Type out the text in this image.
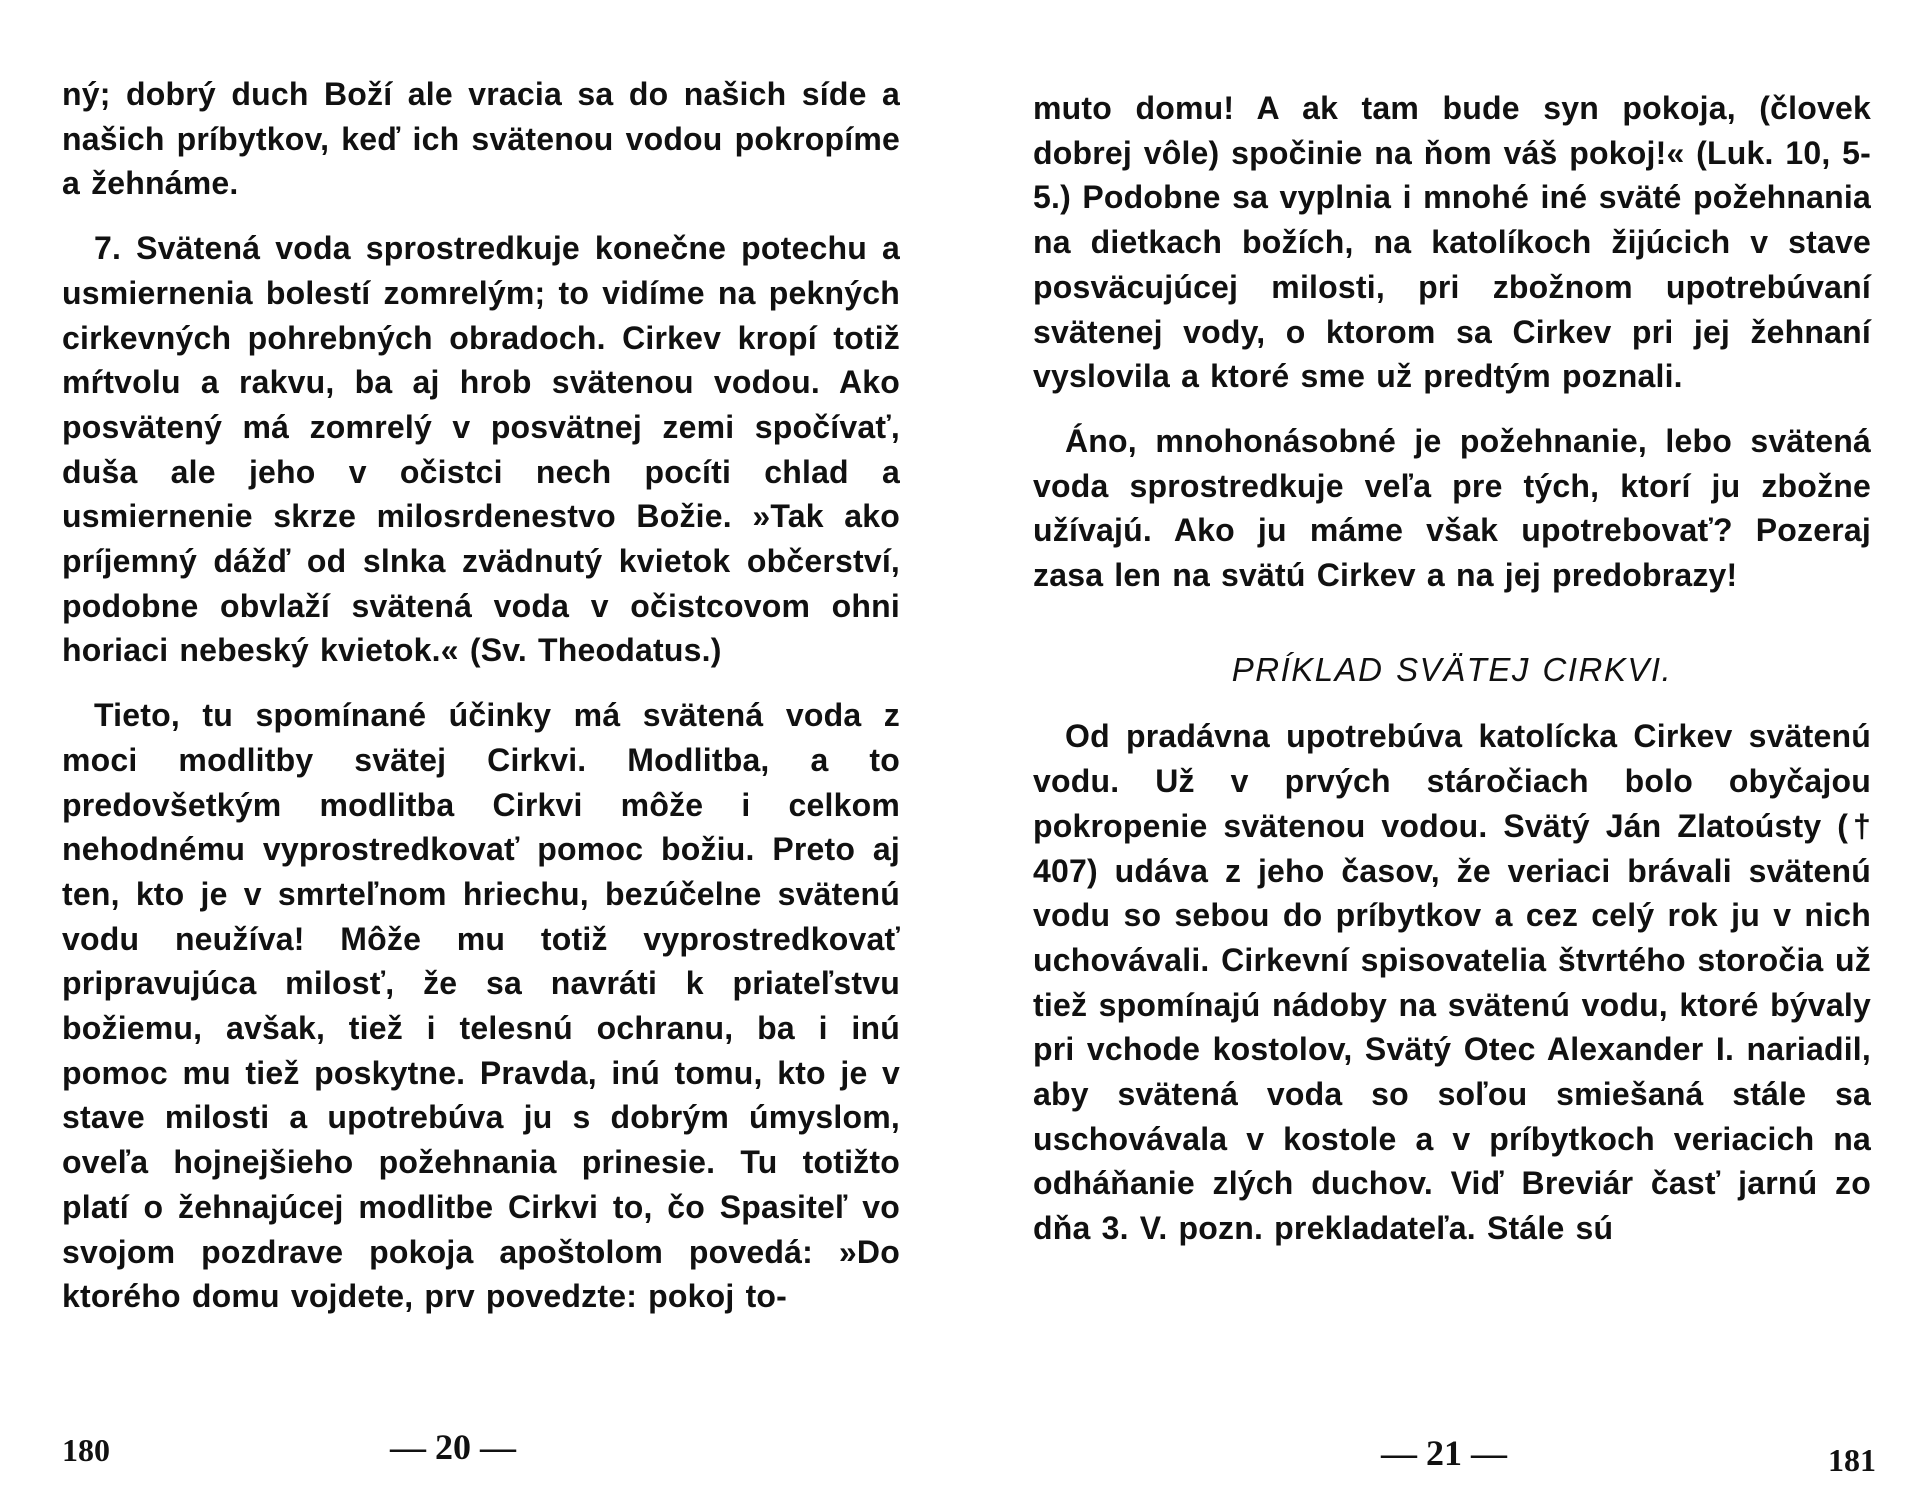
ný; dobrý duch Boží ale vracia sa do našich síde a našich príbytkov, keď ich svätenou vodou pokropíme a žehnáme.

7. Svätená voda sprostredkuje konečne potechu a usmiernenia bolestí zomrelým; to vidíme na pekných cirkevných pohrebných obradoch. Cirkev kropí totiž mŕtvolu a rakvu, ba aj hrob svätenou vodou. Ako posvätený má zomrelý v posvätnej zemi spočívať, duša ale jeho v očistci nech pocíti chlad a usmiernenie skrze milosrdenestvo Božie. »Tak ako príjemný dážď od slnka zvädnutý kvietok občerství, podobne obvlaží svätená voda v očistcovom ohni horiaci nebeský kvietok.« (Sv. Theodatus.)

Tieto, tu spomínané účinky má svätená voda z moci modlitby svätej Cirkvi. Modlitba, a to predovšetkým modlitba Cirkvi môže i celkom nehodnému vyprostredkovať pomoc božiu. Preto aj ten, kto je v smrteľnom hriechu, bezúčelne svätenú vodu neužíva! Môže mu totiž vyprostredkovať pripravujúca milosť, že sa navráti k priateľstvu božiemu, avšak, tiež i telesnú ochranu, ba i inú pomoc mu tiež poskytne. Pravda, inú tomu, kto je v stave milosti a upotrebúva ju s dobrým úmyslom, oveľa hojnejšieho požehnania prinesie. Tu totižto platí o žehnajúcej modlitbe Cirkvi to, čo Spasiteľ vo svojom pozdrave pokoja apoštolom povedá: »Do ktorého domu vojdete, prv povedzte: pokoj to-

180	— 20 —

muto domu! A ak tam bude syn pokoja, (človek dobrej vôle) spočinie na ňom váš pokoj!« (Luk. 10, 5-5.) Podobne sa vyplnia i mnohé iné sväté požehnania na dietkach božích, na katolíkoch žijúcich v stave posväcujúcej milosti, pri zbožnom upotrebúvaní svätenej vody, o ktorom sa Cirkev pri jej žehnaní vyslovila a ktoré sme už predtým poznali.

Áno, mnohonásobné je požehnanie, lebo svätená voda sprostredkuje veľa pre tých, ktorí ju zbožne užívajú. Ako ju máme však upotrebovať? Pozeraj zasa len na svätú Cirkev a na jej predobrazy!

PRÍKLAD SVÄTEJ CIRKVI.

Od pradávna upotrebúva katolícka Cirkev svätenú vodu. Už v prvých stáročiach bolo obyčajou pokropenie svätenou vodou. Svätý Ján Zlatoústy († 407) udáva z jeho časov, že veriaci brávali svätenú vodu so sebou do príbytkov a cez celý rok ju v nich uchovávali. Cirkevní spisovatelia štvrtého storočia už tiež spomínajú nádoby na svätenú vodu, ktoré bývaly pri vchode kostolov, Svätý Otec Alexander I. nariadil, aby svätená voda so soľou smiešaná stále sa uschovávala v kostole a v príbytkoch veriacich na odháňanie zlých duchov. Viď Breviár časť jarnú zo dňa 3. V. pozn. prekladateľa. Stále sú

— 21 —	181
